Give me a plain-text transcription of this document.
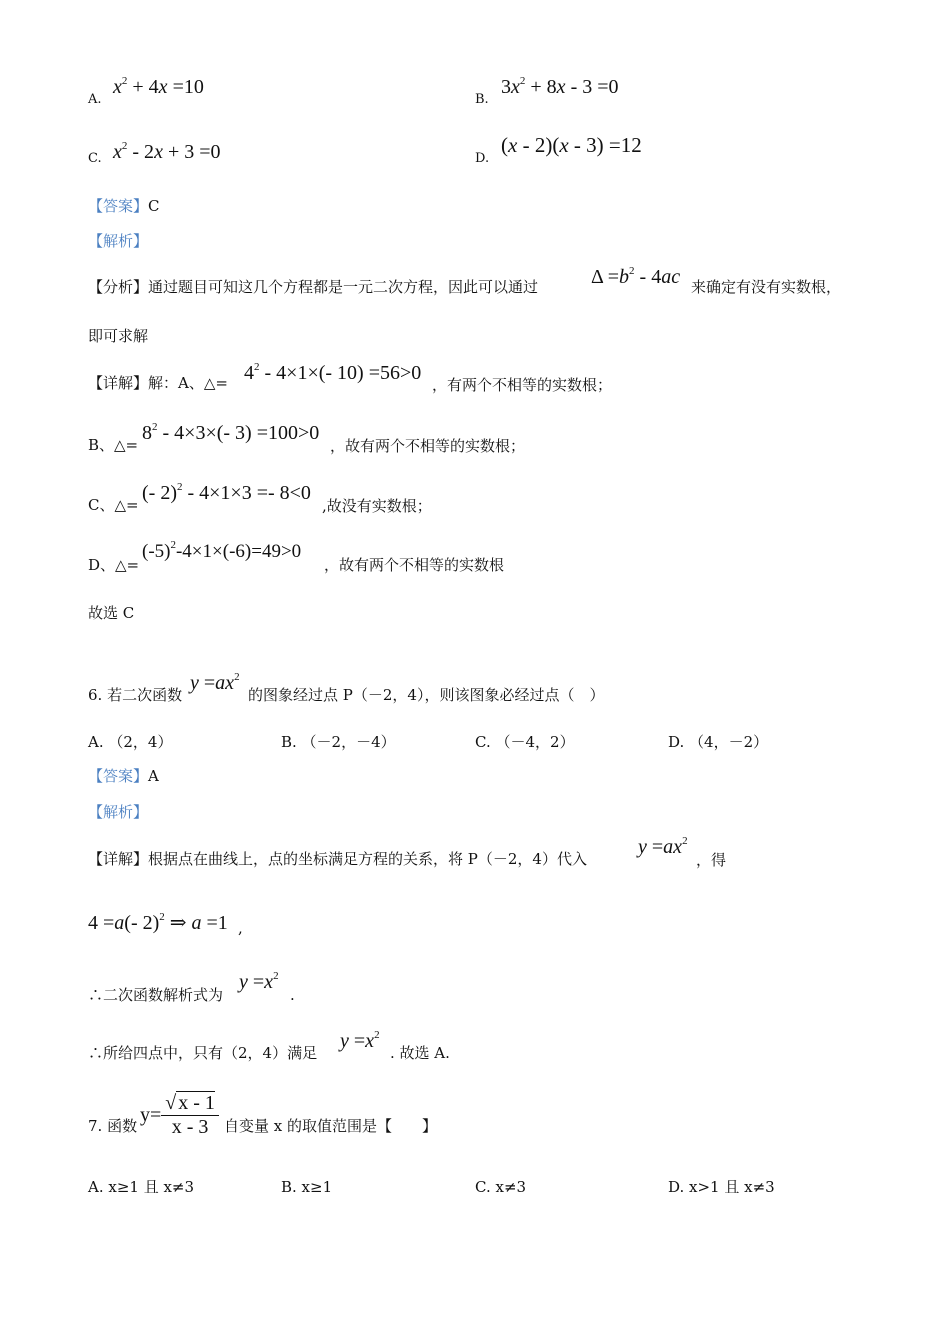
A.
$x^2 + 4x =10$
B.
$3x^2 + 8x - 3 =0$
C. $x^2 - 2x + 3 =0$	D.
(x - 2)(x - 3) =12
【答案】C
【解析】
【分析】通过题目可知这几个方程都是一元二次方程，因此可以通过	$\Delta =b^2 - 4ac$ 来确定有没有实数根，
即可求解
【详解】解：A、△= $4^2 - 4\times 1\times(-$ 10) =56>0
，有两个不相等的实数根；
B、△=
$8^2 - 4\times 3\times(-$ 3) =100>0
，故有两个不相等的实数根；
C、△=
(- 2)$^2$ - 4×1×3 =- 8<0
,故没有实数根；
D、△=
$(-5)^2-4\times 1\times(-6)=49>0$
，故有两个不相等的实数根
故选 C
6. 若二次函数
$y =ax^2$
的图象经过点 P（－2，4），则该图象必经过点（　）
A. （2，4）	B. （－2，－4）	C. （－4，2）	D. （4，－2）
【答案】A
【解析】
【详解】根据点在曲线上，点的坐标满足方程的关系，将 P（－2，4）代入
$y =ax^2$
，得
4 =a(- 2)$^2$ ⇒ a =1 ,
∴二次函数解析式为
$y =x^2$
.
∴所给四点中，只有（2，4）满足
$y =x^2$
. 故选 A.
7. 函数 $y= \frac{√ x - 1}{x - 3}$ 自变量 x 的取值范围是【　　】
A. x≥1 且 x≠3	B. x≥1	C. x≠3	D. x>1 且 x≠3
